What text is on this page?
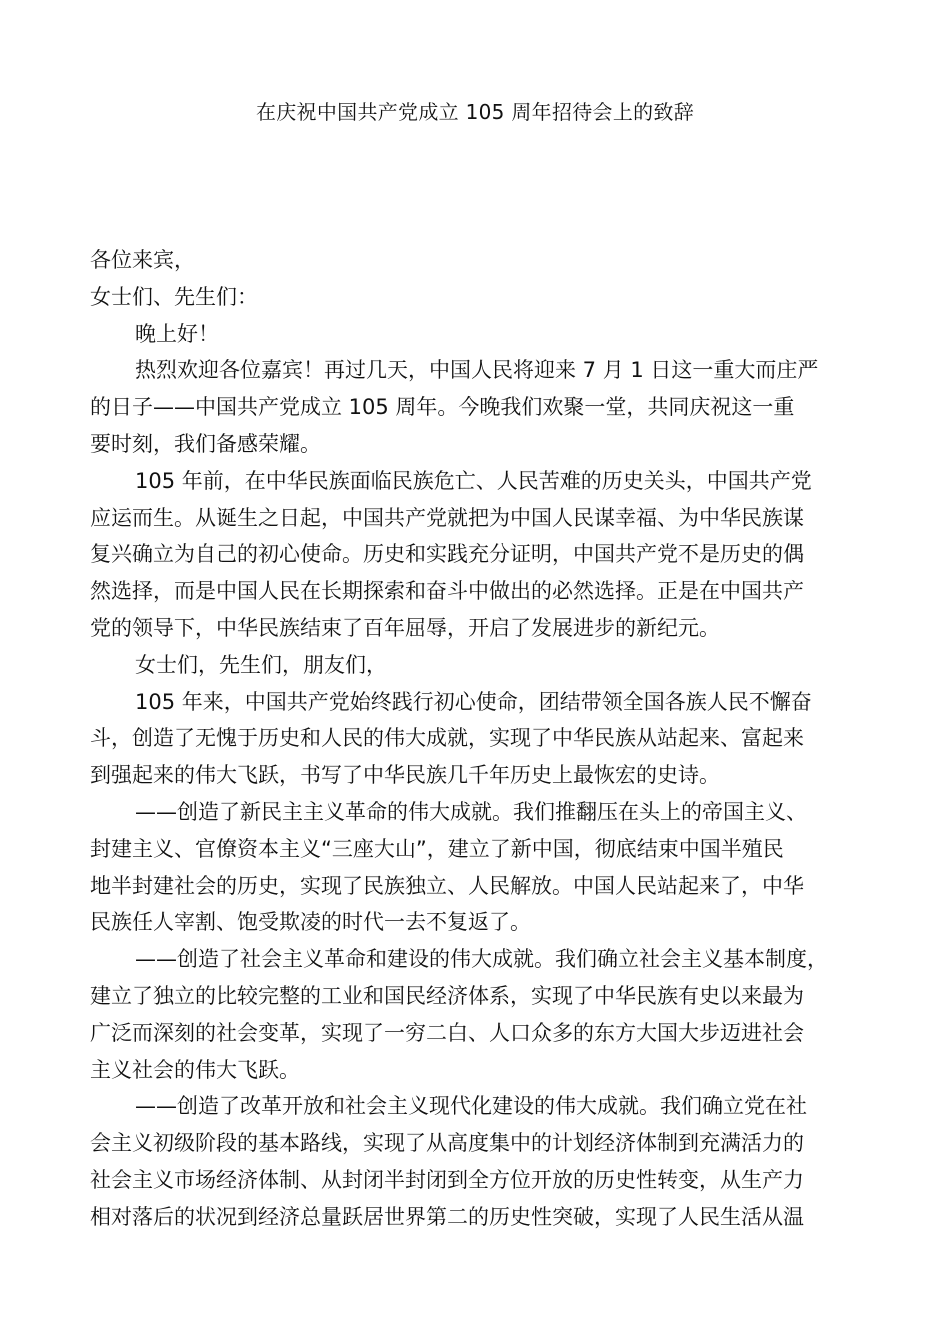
在庆祝中国共产党成立 105 周年招待会上的致辞
各位来宾，
女士们、先生们：
晚上好！
热烈欢迎各位嘉宾！再过几天，中国人民将迎来 7 月 1 日这一重大而庄严
的日子——中国共产党成立 105 周年。今晚我们欢聚一堂，共同庆祝这一重
要时刻，我们备感荣耀。
105 年前，在中华民族面临民族危亡、人民苦难的历史关头，中国共产党
应运而生。从诞生之日起，中国共产党就把为中国人民谋幸福、为中华民族谋
复兴确立为自己的初心使命。历史和实践充分证明，中国共产党不是历史的偶
然选择，而是中国人民在长期探索和奋斗中做出的必然选择。正是在中国共产
党的领导下，中华民族结束了百年屈辱，开启了发展进步的新纪元。
女士们，先生们，朋友们，
105 年来，中国共产党始终践行初心使命，团结带领全国各族人民不懈奋
斗，创造了无愧于历史和人民的伟大成就，实现了中华民族从站起来、富起来
到强起来的伟大飞跃，书写了中华民族几千年历史上最恢宏的史诗。
——创造了新民主主义革命的伟大成就。我们推翻压在头上的帝国主义、
封建主义、官僚资本主义“三座大山”，建立了新中国，彻底结束中国半殖民
地半封建社会的历史，实现了民族独立、人民解放。中国人民站起来了，中华
民族任人宰割、饱受欺凌的时代一去不复返了。
——创造了社会主义革命和建设的伟大成就。我们确立社会主义基本制度，
建立了独立的比较完整的工业和国民经济体系，实现了中华民族有史以来最为
广泛而深刻的社会变革，实现了一穷二白、人口众多的东方大国大步迈进社会
主义社会的伟大飞跃。
——创造了改革开放和社会主义现代化建设的伟大成就。我们确立党在社
会主义初级阶段的基本路线，实现了从高度集中的计划经济体制到充满活力的
社会主义市场经济体制、从封闭半封闭到全方位开放的历史性转变，从生产力
相对落后的状况到经济总量跃居世界第二的历史性突破，实现了人民生活从温
